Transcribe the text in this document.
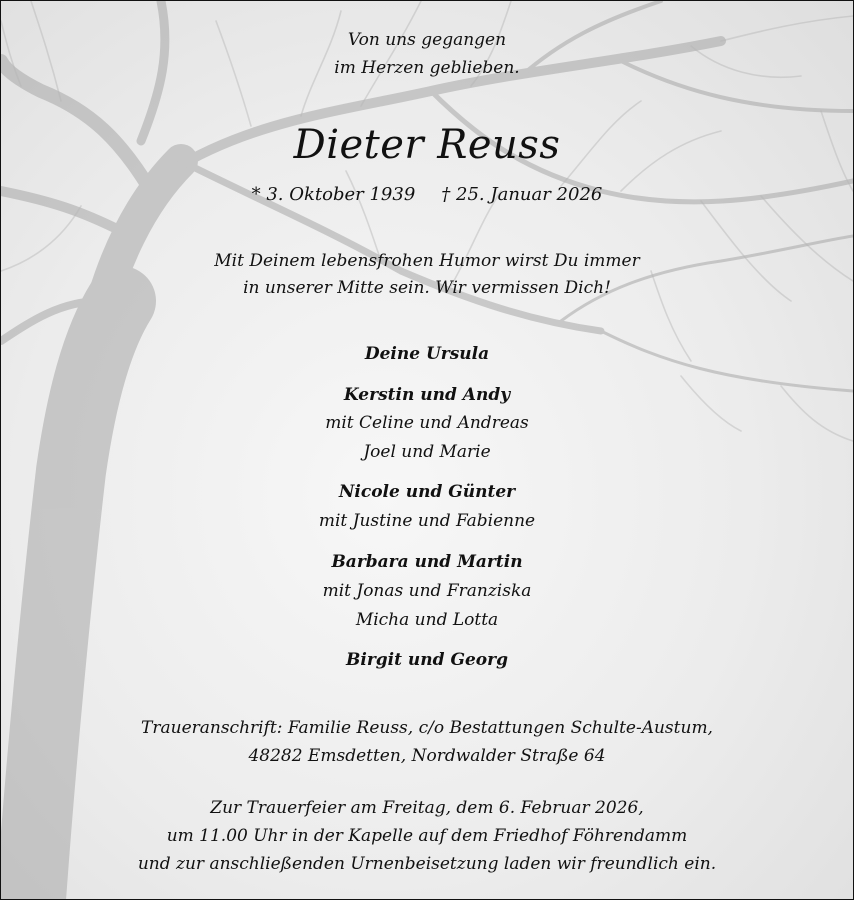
Von uns gegangen
im Herzen geblieben.
Dieter Reuss
* 3. Oktober 1939 † 25. Januar 2026
Mit Deinem lebensfrohen Humor wirst Du immer
in unserer Mitte sein. Wir vermissen Dich!
Deine Ursula
Kerstin und Andy
mit Celine und Andreas
Joel und Marie
Nicole und Günter
mit Justine und Fabienne
Barbara und Martin
mit Jonas und Franziska
Micha und Lotta
Birgit und Georg
Traueranschrift: Familie Reuss, c/o Bestattungen Schulte-Austum,
48282 Emsdetten, Nordwalder Straße 64
Zur Trauerfeier am Freitag, dem 6. Februar 2026,
um 11.00 Uhr in der Kapelle auf dem Friedhof Föhrendamm
und zur anschließenden Urnenbeisetzung laden wir freundlich ein.
